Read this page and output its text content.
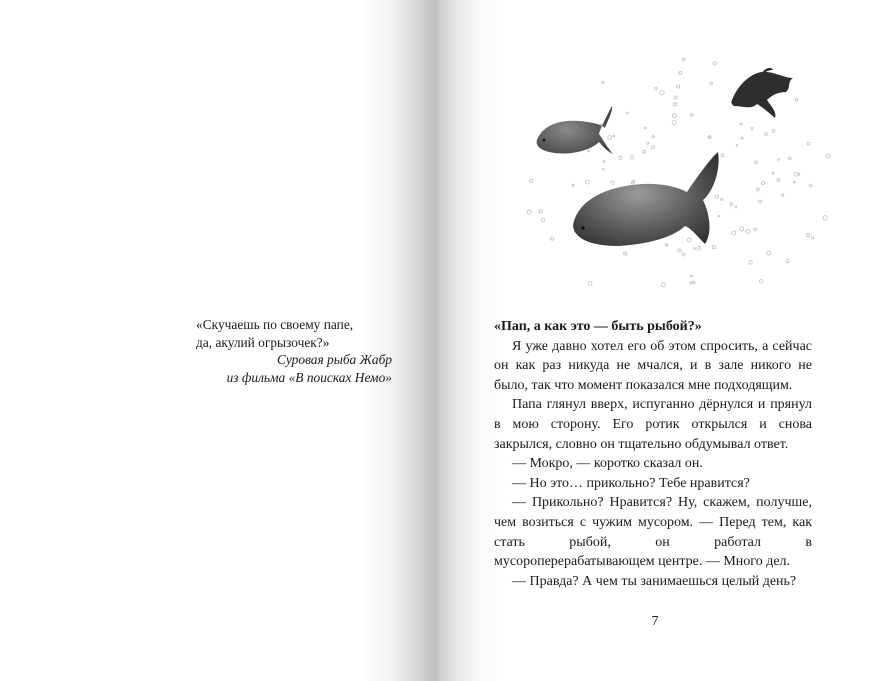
«Скучаешь по своему папе,

да, акулий огрызочек?»

Суровая рыба Жабр

из фильма «В поисках Немо»

«Пап, а как это — быть рыбой?»

Я уже давно хотел его об этом спросить, а сейчас он как раз никуда не мчался, и в зале никого не было, так что момент показался мне подходящим.

Папа глянул вверх, испуганно дёрнулся и прянул в мою сторону. Его ротик открылся и снова закрылся, словно он тщательно обдумывал ответ.

— Мокро, — коротко сказал он.

— Но это… прикольно? Тебе нравится?

— Прикольно? Нравится? Ну, скажем, получше, чем возиться с чужим мусором. — Перед тем, как стать рыбой, он работал в мусороперерабатывающем центре. — Много дел.

— Правда? А чем ты занимаешься целый день?

7
